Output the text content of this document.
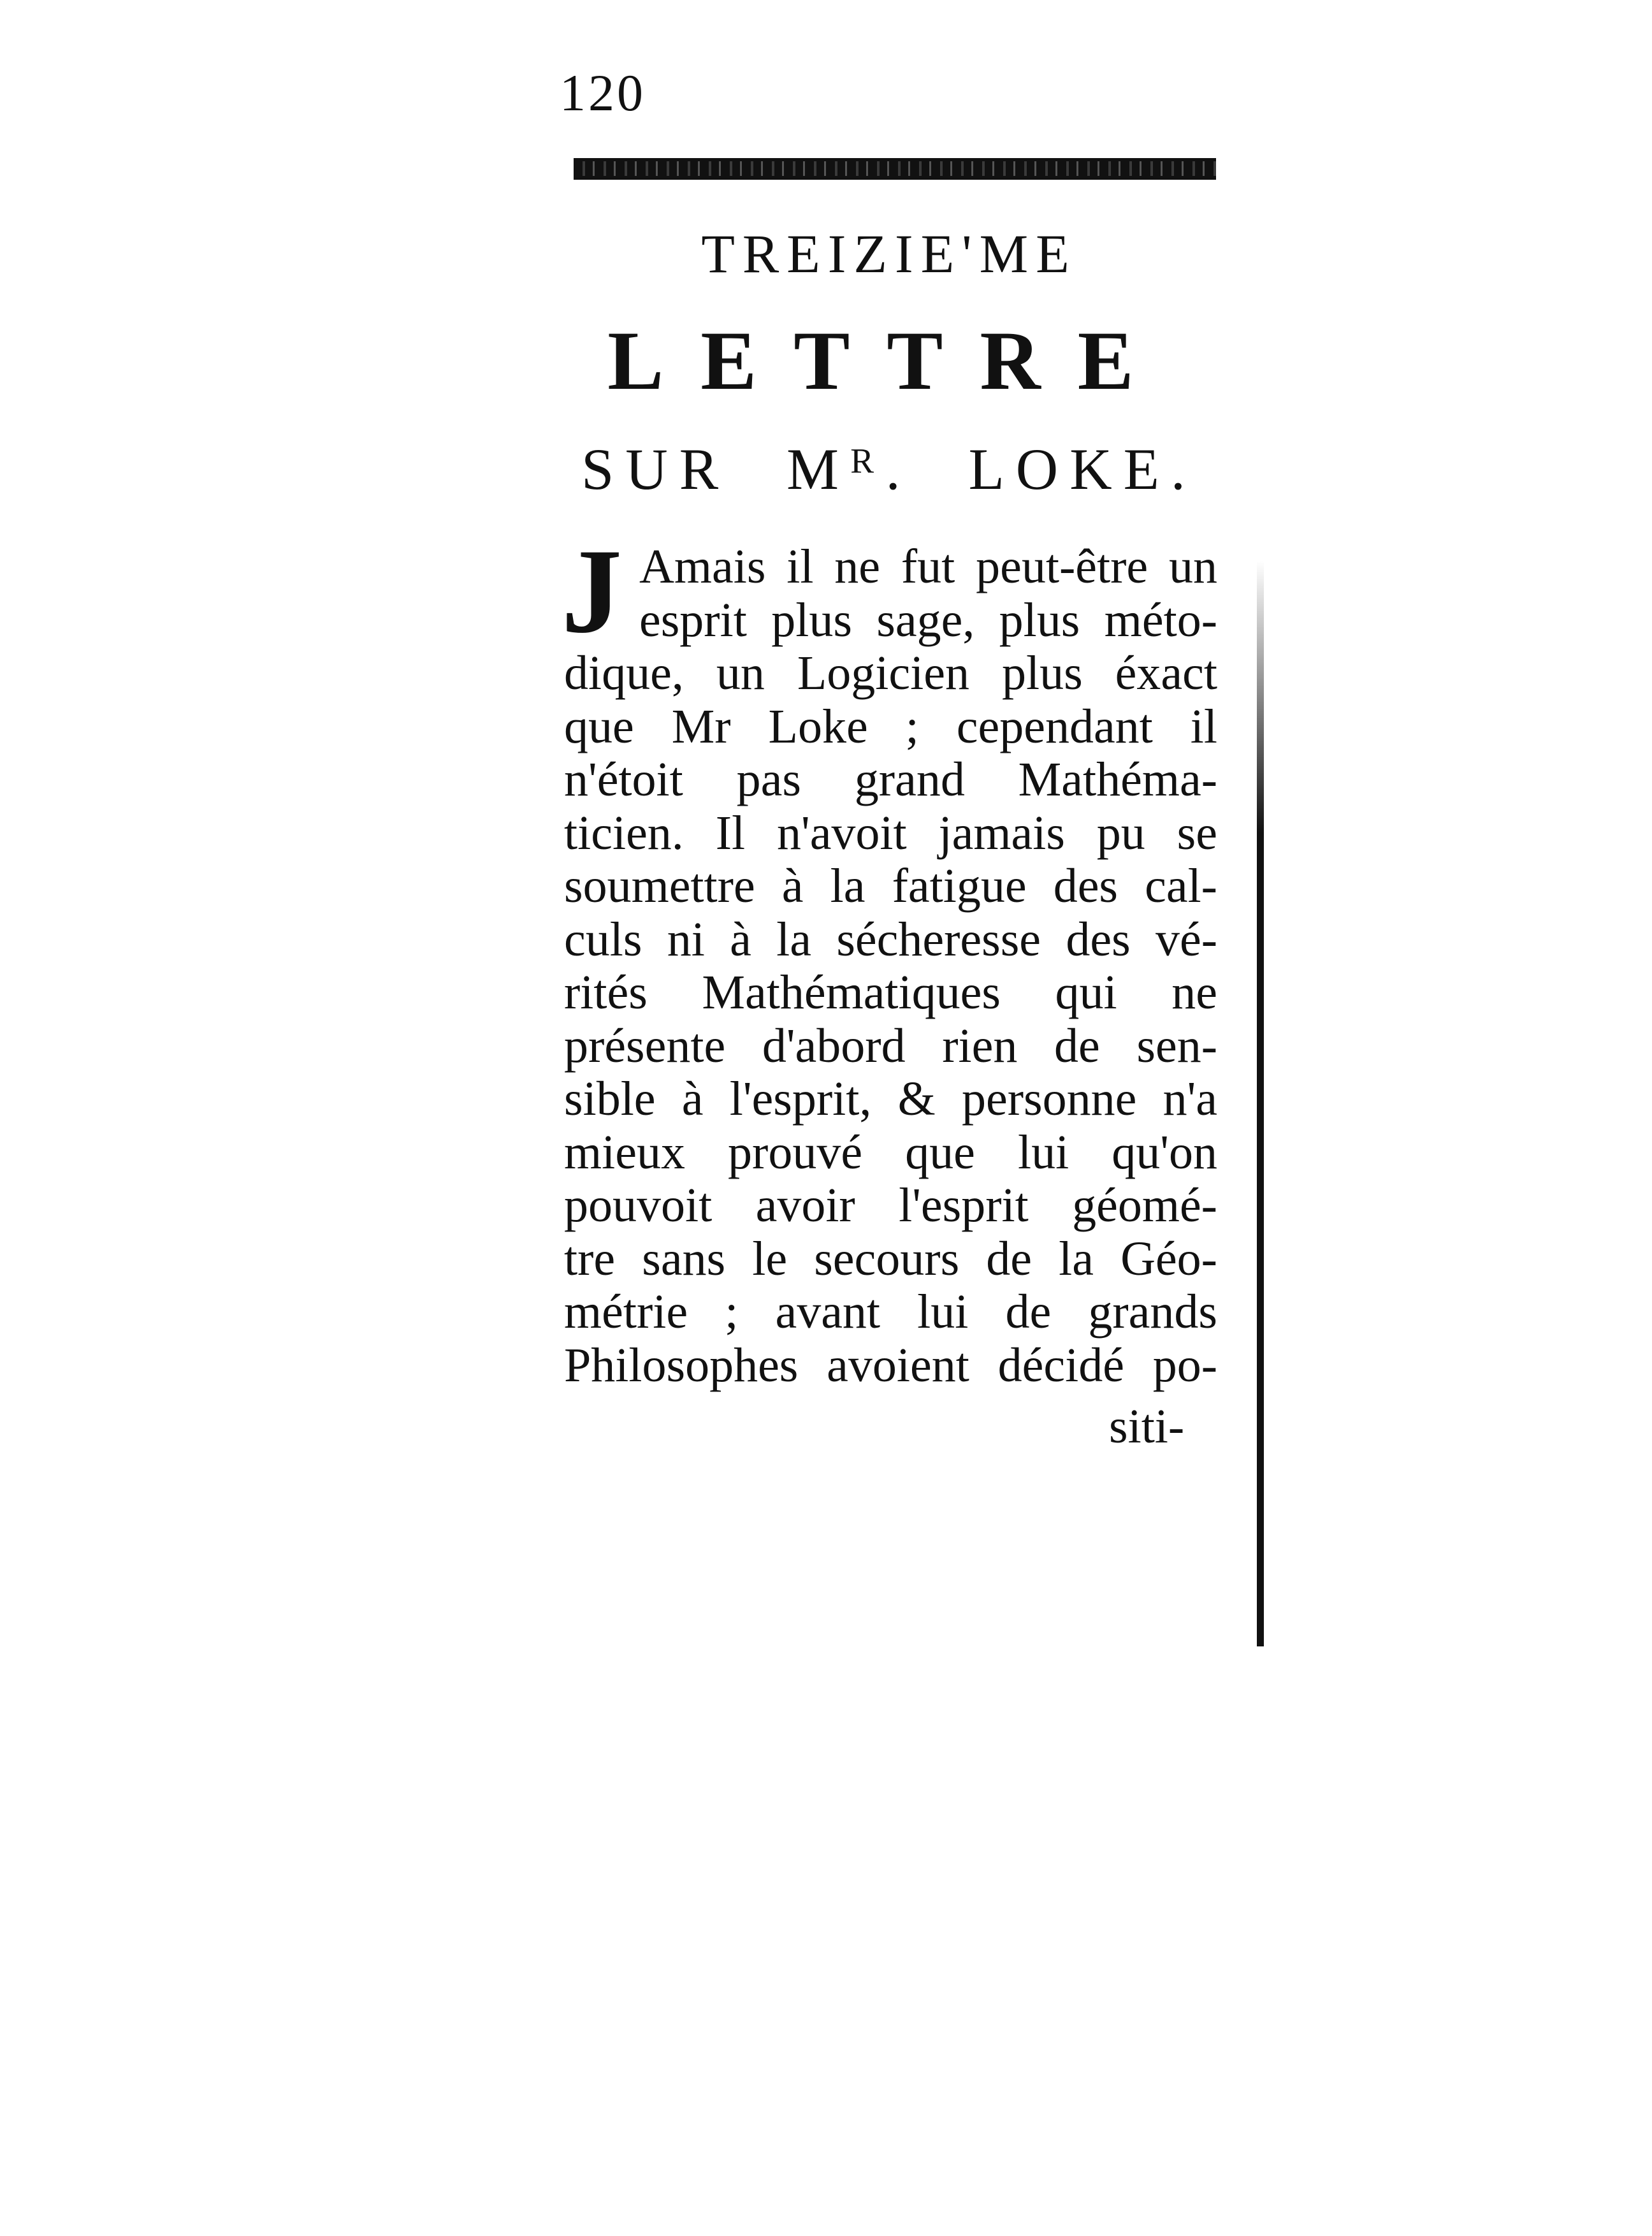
120
TREIZIE'ME
LETTRE
SUR Mᴿ. LOKE.
J Amais il ne fut peut-être un
esprit plus sage, plus méto-
dique, un Logicien plus éxact
que Mr Loke ; cependant il
n'étoit pas grand Mathéma-
ticien. Il n'avoit jamais pu se
soumettre à la fatigue des cal-
culs ni à la sécheresse des vé-
rités Mathématiques qui ne
présente d'abord rien de sen-
sible à l'esprit, & personne n'a
mieux prouvé que lui qu'on
pouvoit avoir l'esprit géomé-
tre sans le secours de la Géo-
métrie ; avant lui de grands
Philosophes avoient décidé po-
siti-
